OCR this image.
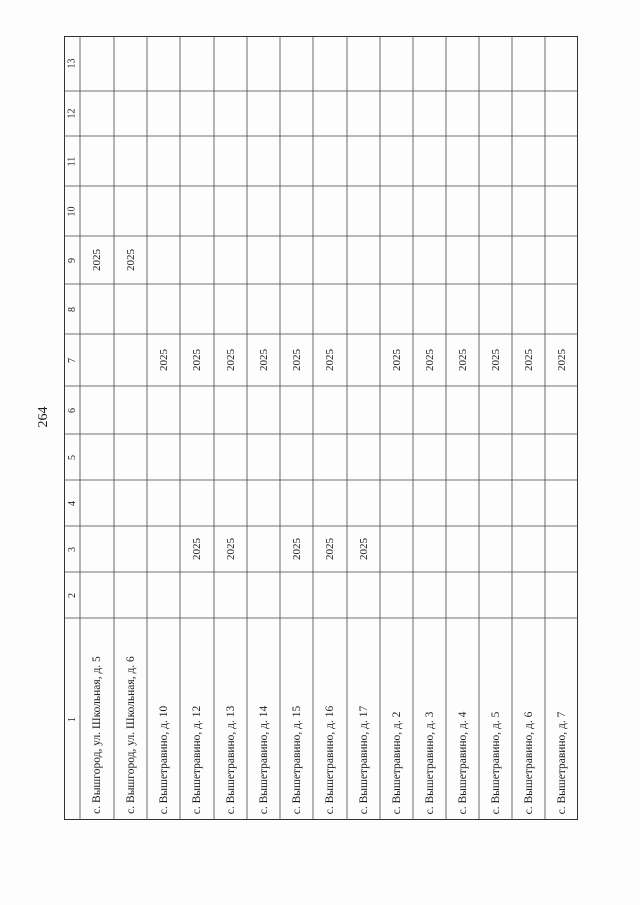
264
1
2
3
4
5
6
7
8
9
10
11
12
13
с. Вышгород, ул. Школьная, д. 5
2025
с. Вышгород, ул. Школьная, д. 6
2025
с. Вышетравино, д. 10
2025
с. Вышетравино, д. 12
2025
2025
с. Вышетравино, д. 13
2025
2025
с. Вышетравино, д. 14
2025
с. Вышетравино, д. 15
2025
2025
с. Вышетравино, д. 16
2025
2025
с. Вышетравино, д. 17
2025
с. Вышетравино, д. 2
2025
с. Вышетравино, д. 3
2025
с. Вышетравино, д. 4
2025
с. Вышетравино, д. 5
2025
с. Вышетравино, д. 6
2025
с. Вышетравино, д. 7
2025
